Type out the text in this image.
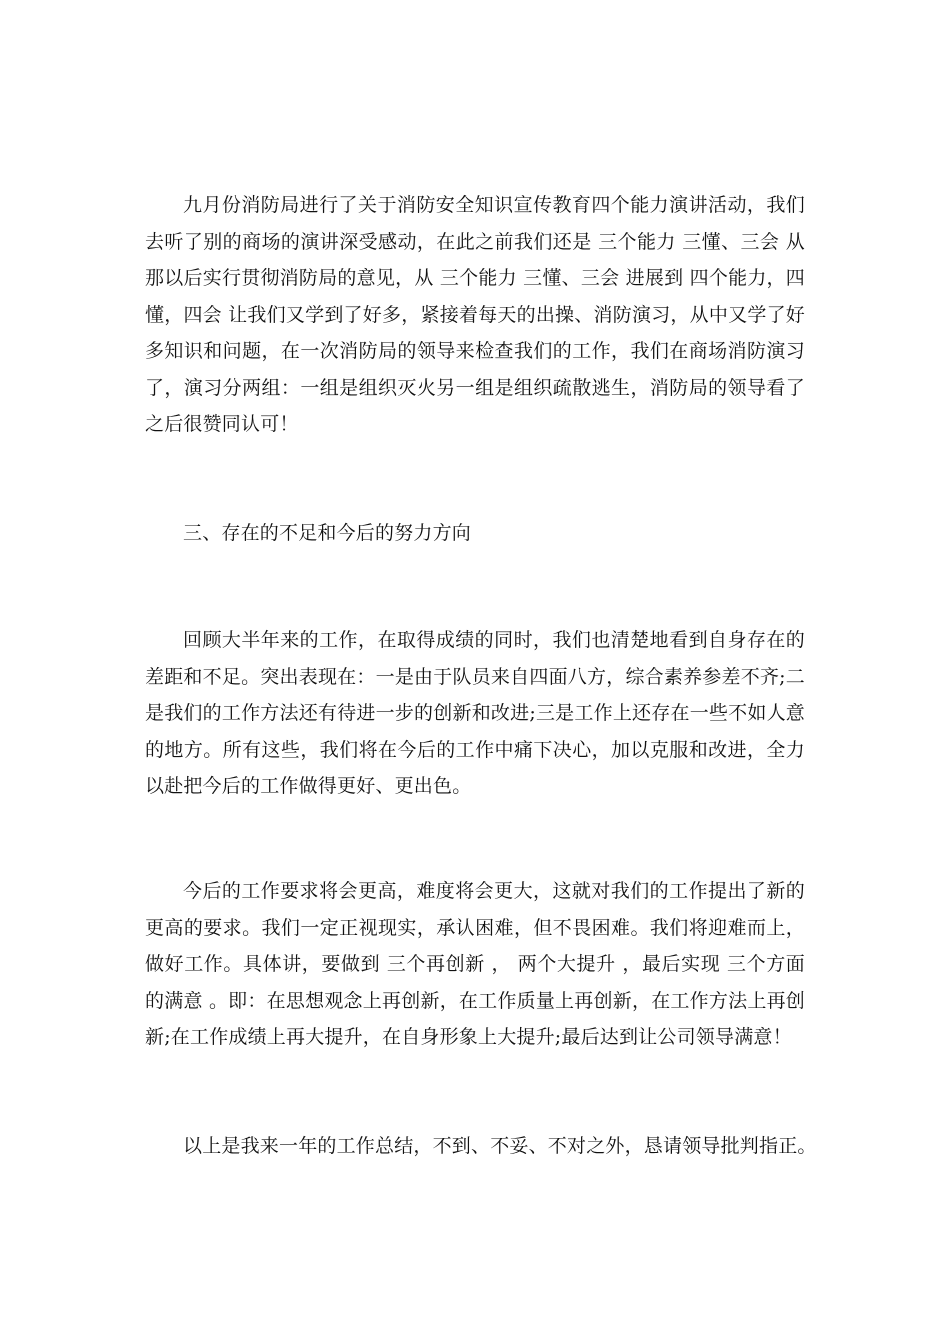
九月份消防局进行了关于消防安全知识宣传教育四个能力演讲活动，我们去听了别的商场的演讲深受感动，在此之前我们还是 三个能力 三懂、三会 从那以后实行贯彻消防局的意见，从 三个能力 三懂、三会 进展到 四个能力，四懂，四会 让我们又学到了好多，紧接着每天的出操、消防演习，从中又学了好多知识和问题，在一次消防局的领导来检查我们的工作，我们在商场消防演习了，演习分两组：一组是组织灭火另一组是组织疏散逃生，消防局的领导看了之后很赞同认可！

三、存在的不足和今后的努力方向

回顾大半年来的工作，在取得成绩的同时，我们也清楚地看到自身存在的差距和不足。突出表现在：一是由于队员来自四面八方，综合素养参差不齐;二是我们的工作方法还有待进一步的创新和改进;三是工作上还存在一些不如人意的地方。所有这些，我们将在今后的工作中痛下决心，加以克服和改进，全力以赴把今后的工作做得更好、更出色。

今后的工作要求将会更高，难度将会更大，这就对我们的工作提出了新的更高的要求。我们一定正视现实，承认困难，但不畏困难。我们将迎难而上，做好工作。具体讲，要做到 三个再创新 ， 两个大提升 ，最后实现 三个方面的满意 。即：在思想观念上再创新，在工作质量上再创新，在工作方法上再创新;在工作成绩上再大提升，在自身形象上大提升;最后达到让公司领导满意！

以上是我来一年的工作总结，不到、不妥、不对之外，恳请领导批判指正。
